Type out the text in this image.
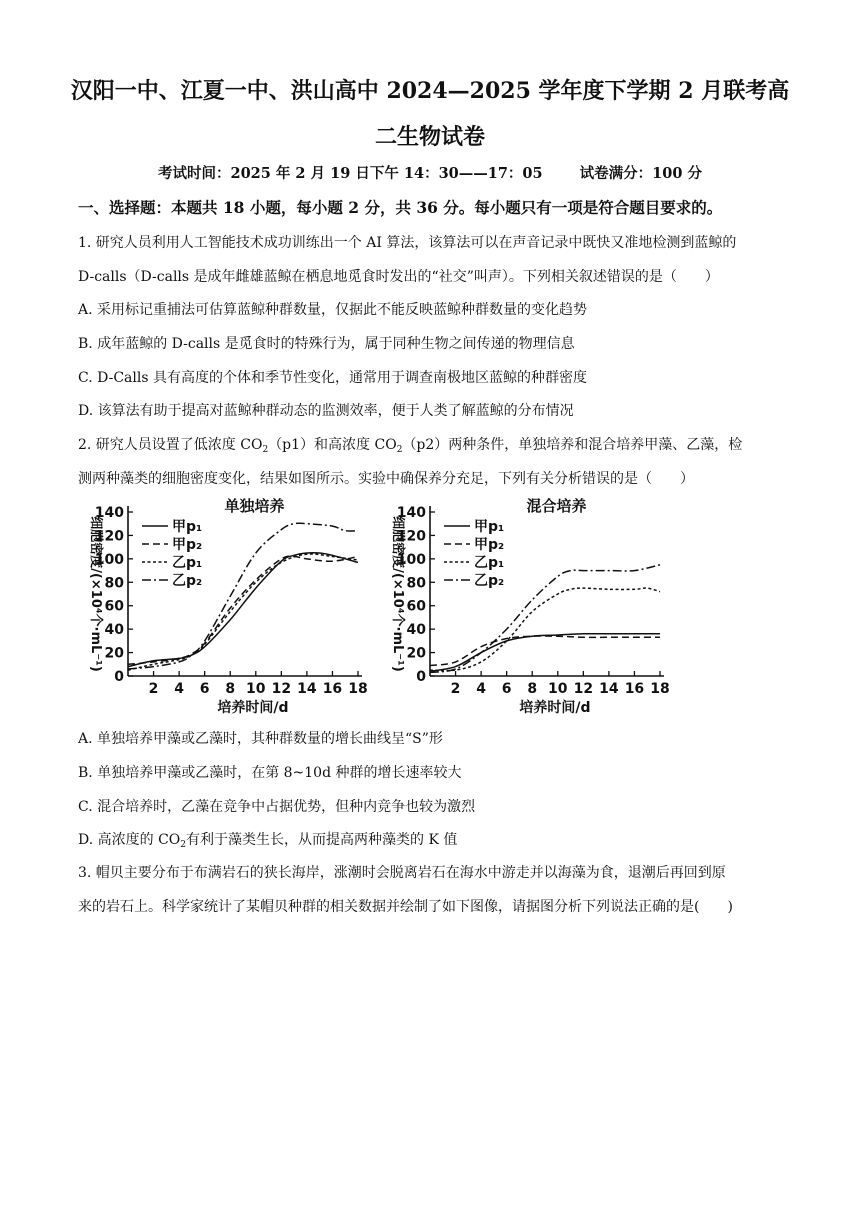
汉阳一中、江夏一中、洪山高中 2024—2025 学年度下学期 2 月联考高
二生物试卷
考试时间：2025 年 2 月 19 日下午 14：30——17：05	试卷满分：100 分
一、选择题：本题共 18 小题，每小题 2 分，共 36 分。每小题只有一项是符合题目要求的。
1. 研究人员利用人工智能技术成功训练出一个 AI 算法，该算法可以在声音记录中既快又准地检测到蓝鲸的
D-calls（D-calls 是成年雌雄蓝鲸在栖息地觅食时发出的“社交”叫声）。下列相关叙述错误的是（　　）
A. 采用标记重捕法可估算蓝鲸种群数量，仅据此不能反映蓝鲸种群数量的变化趋势
B. 成年蓝鲸的 D-calls 是觅食时的特殊行为，属于同种生物之间传递的物理信息
C. D-Calls 具有高度的个体和季节性变化，通常用于调查南极地区蓝鲸的种群密度
D. 该算法有助于提高对蓝鲸种群动态的监测效率，便于人类了解蓝鲸的分布情况
2. 研究人员设置了低浓度 $CO_2(p1)$和高浓度 $CO_2(p2)$两种条件，单独培养和混合培养甲藻、乙藻，检
测两种藻类的细胞密度变化，结果如图所示。实验中确保养分充足，下列有关分析错误的是（　　）
0
20
40
60
80
100
120
140
2 4 6 8 10 12 14 16 18
单独培养
培养时间/d
细胞密度/(×10⁴个·mL⁻¹)	甲p₁
甲p₂
乙p₁
乙p₂
0
20
40
60
80
100
120
140
2 4 6 8 10 12 14 16 18
混合培养
培养时间/d
细胞密度/(×10⁴个·mL⁻¹)	甲p₁
甲p₂
乙p₁
乙p₂
A. 单独培养甲藻或乙藻时，其种群数量的增长曲线呈“S”形
B. 单独培养甲藻或乙藻时，在第 8~10d 种群的增长速率较大
C. 混合培养时，乙藻在竞争中占据优势，但种内竞争也较为激烈
D. 高浓度的 $CO_2$有利于藻类生长，从而提高两种藻类的 K 值
3. 帽贝主要分布于布满岩石的狭长海岸，涨潮时会脱离岩石在海水中游走并以海藻为食，退潮后再回到原
来的岩石上。科学家统计了某帽贝种群的相关数据并绘制了如下图像，请据图分析下列说法正确的是(　　)
